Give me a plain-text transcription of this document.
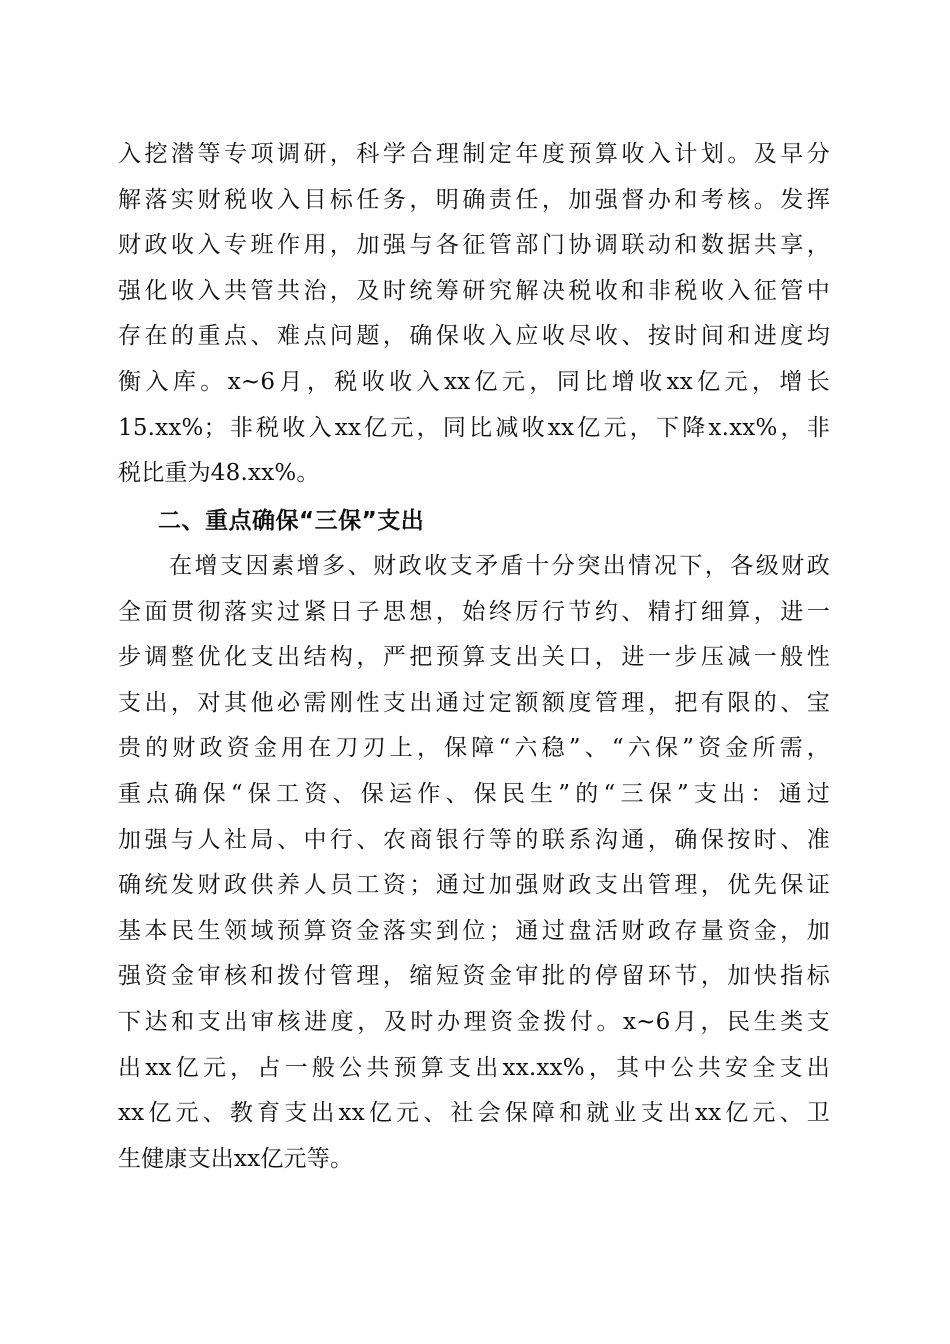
入挖潜等专项调研，科学合理制定年度预算收入计划。及早分
解落实财税收入目标任务，明确责任，加强督办和考核。发挥
财政收入专班作用，加强与各征管部门协调联动和数据共享，
强化收入共管共治，及时统筹研究解决税收和非税收入征管中
存在的重点、难点问题，确保收入应收尽收、按时间和进度均
衡入库。x~6月，税收收入xx亿元，同比增收xx亿元，增长
15.xx%；非税收入xx亿元，同比减收xx亿元，下降x.xx%，非
税比重为48.xx%。
二、重点确保“三保”支出
　　在增支因素增多、财政收支矛盾十分突出情况下，各级财政
全面贯彻落实过紧日子思想，始终厉行节约、精打细算，进一
步调整优化支出结构，严把预算支出关口，进一步压减一般性
支出，对其他必需刚性支出通过定额额度管理，把有限的、宝
贵的财政资金用在刀刃上，保障“六稳”、“六保”资金所需，
重点确保“保工资、保运作、保民生”的“三保”支出：通过
加强与人社局、中行、农商银行等的联系沟通，确保按时、准
确统发财政供养人员工资；通过加强财政支出管理，优先保证
基本民生领域预算资金落实到位；通过盘活财政存量资金，加
强资金审核和拨付管理，缩短资金审批的停留环节，加快指标
下达和支出审核进度，及时办理资金拨付。x~6月，民生类支
出xx亿元，占一般公共预算支出xx.xx%，其中公共安全支出
xx亿元、教育支出xx亿元、社会保障和就业支出xx亿元、卫
生健康支出xx亿元等。
